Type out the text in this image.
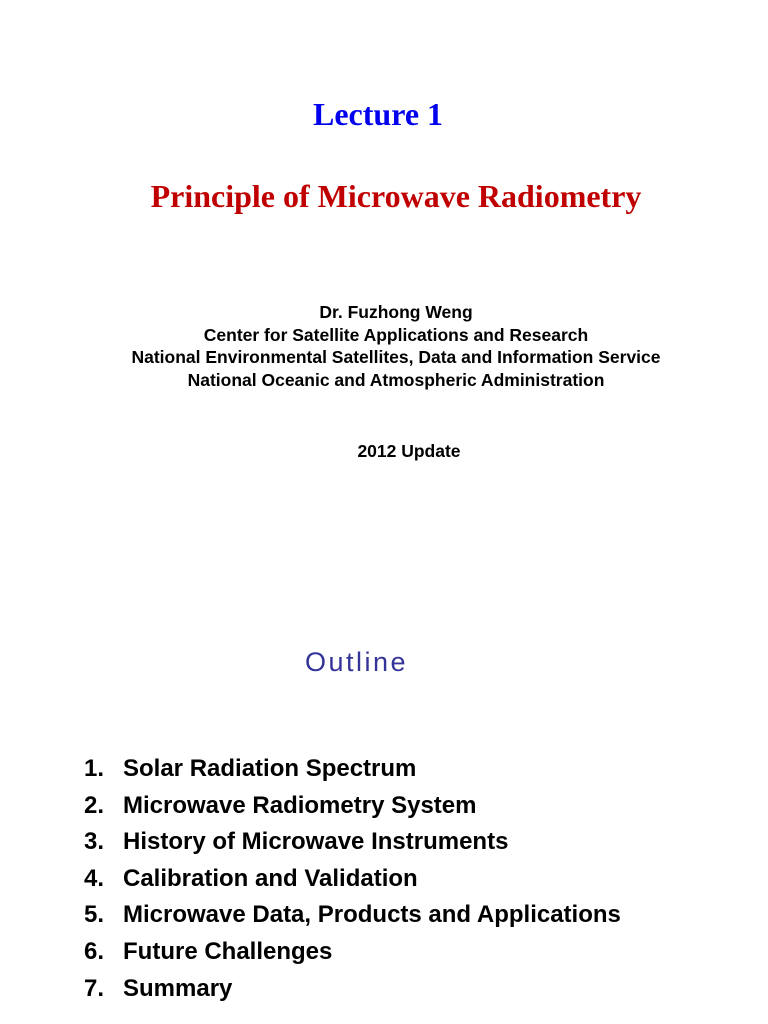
Lecture 1
Principle of Microwave Radiometry
Dr. Fuzhong Weng
Center for Satellite Applications and Research
National Environmental Satellites, Data and Information Service
National Oceanic and Atmospheric Administration
2012 Update
Outline
1. Solar Radiation Spectrum
2. Microwave Radiometry System
3. History of Microwave Instruments
4. Calibration and Validation
5. Microwave Data, Products and Applications
6. Future Challenges
7. Summary
